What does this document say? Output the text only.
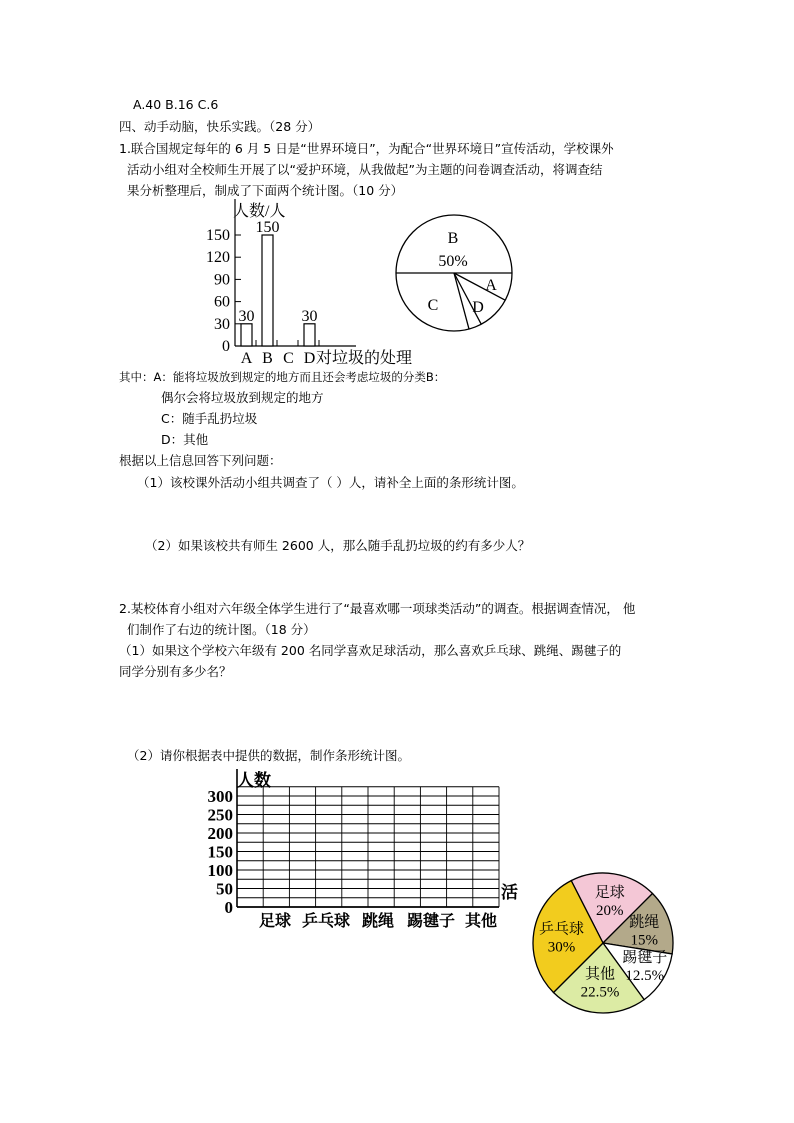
A.40 B.16 C.6
四、动手动脑，快乐实践。（28 分）
1.联合国规定每年的 6 月 5 日是“世界环境日”，为配合“世界环境日”宣传活动，学校课外
活动小组对全校师生开展了以“爱护环境，从我做起”为主题的问卷调查活动，将调查结
果分析整理后，制成了下面两个统计图。（10 分）
人数/人
0
30
60
90
120
150
A
30
B
150
C D
30
对垃圾的处理
B
50%
A
D
C
其中：A：能将垃圾放到规定的地方而且还会考虑垃圾的分类B：
偶尔会将垃圾放到规定的地方
C：随手乱扔垃圾
D：其他
根据以上信息回答下列问题：
（1）该校课外活动小组共调查了（ ）人，请补全上面的条形统计图。
（2）如果该校共有师生 2600 人，那么随手乱扔垃圾的约有多少人？
2.某校体育小组对六年级全体学生进行了“最喜欢哪一项球类活动”的调查。根据调查情况， 他
们制作了右边的统计图。（18 分）
（1）如果这个学校六年级有 200 名同学喜欢足球活动，那么喜欢乒乓球、跳绳、踢毽子的
同学分别有多少名？
（2）请你根据表中提供的数据，制作条形统计图。
人数
0
50
100
150
200
250
300
足球 乒乓球 跳绳 踢毽子 其他
活	足球
20%
跳绳
15%
踢毽子
12.5%
其他
22.5%
乒乓球
30%
